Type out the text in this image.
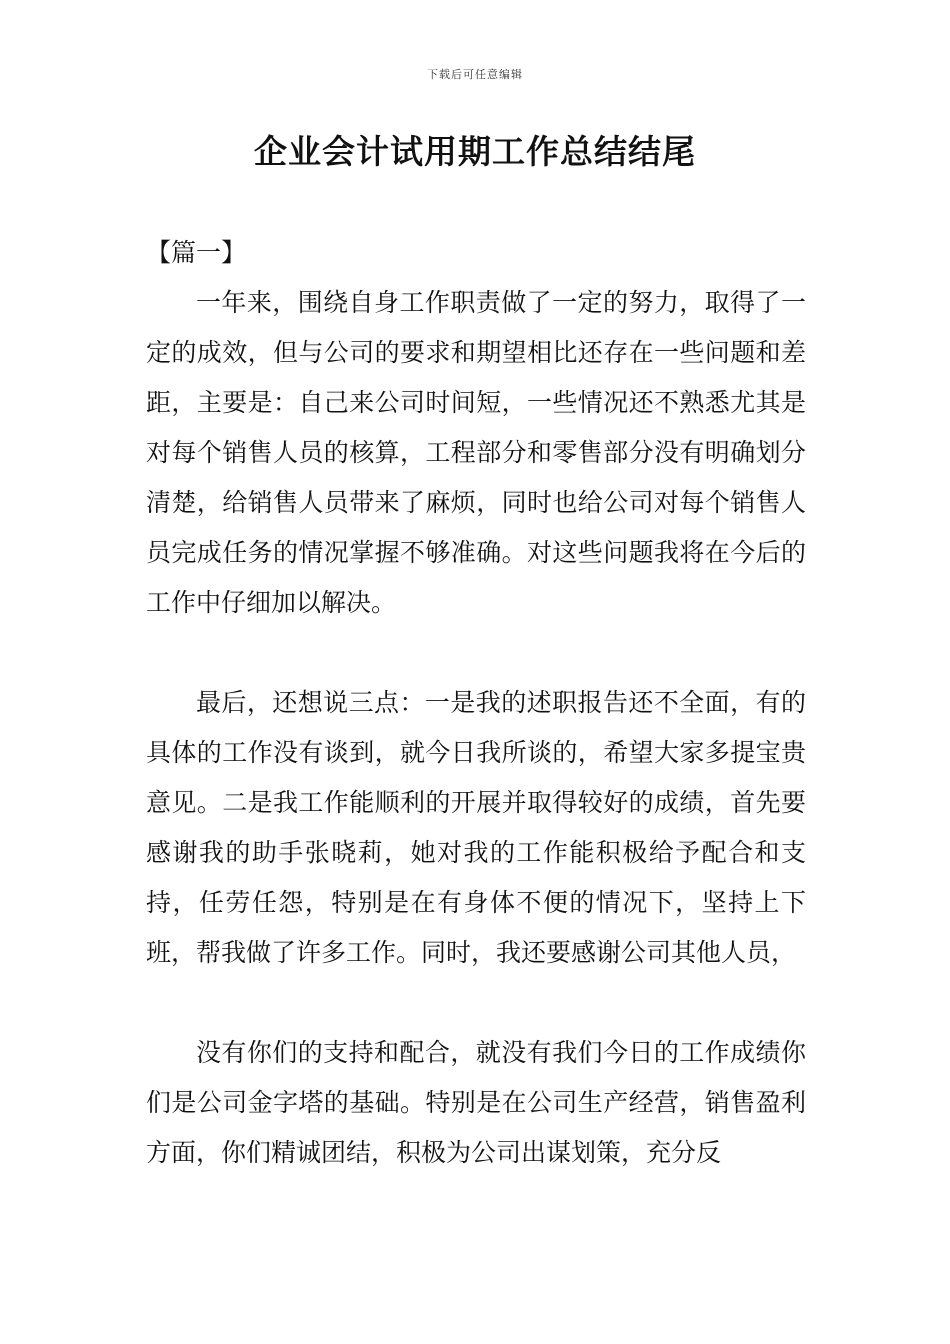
下载后可任意编辑
企业会计试用期工作总结结尾

【篇一】

一年来，围绕自身工作职责做了一定的努力，取得了一定的成效，但与公司的要求和期望相比还存在一些问题和差距，主要是：自己来公司时间短，一些情况还不熟悉尤其是对每个销售人员的核算，工程部分和零售部分没有明确划分清楚，给销售人员带来了麻烦，同时也给公司对每个销售人员完成任务的情况掌握不够准确。对这些问题我将在今后的工作中仔细加以解决。

最后，还想说三点：一是我的述职报告还不全面，有的具体的工作没有谈到，就今日我所谈的，希望大家多提宝贵意见。二是我工作能顺利的开展并取得较好的成绩，首先要感谢我的助手张晓莉，她对我的工作能积极给予配合和支持，任劳任怨，特别是在有身体不便的情况下，坚持上下班，帮我做了许多工作。同时，我还要感谢公司其他人员，

没有你们的支持和配合，就没有我们今日的工作成绩你们是公司金字塔的基础。特别是在公司生产经营，销售盈利方面，你们精诚团结，积极为公司出谋划策，充分反
